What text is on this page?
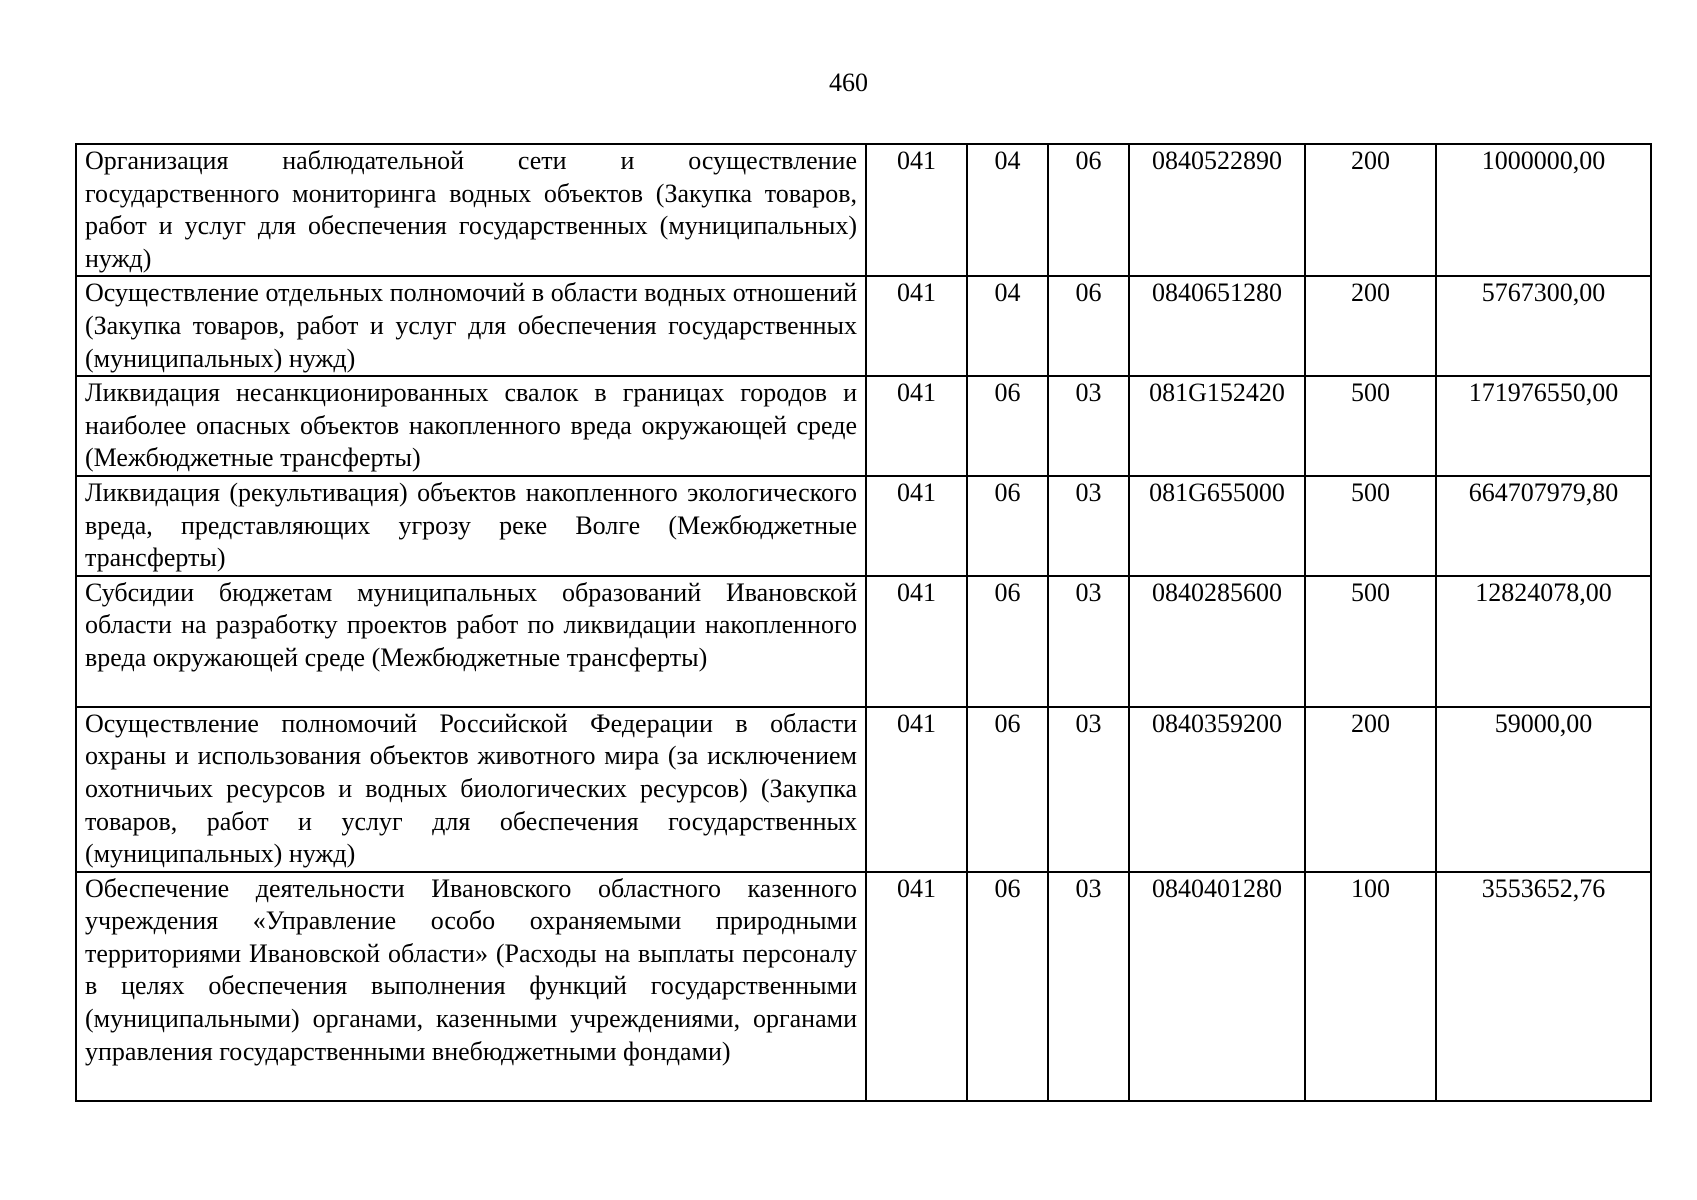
460
Организация наблюдательной сети и осуществление государственного мониторинга водных объектов (Закупка товаров, работ и услуг для обеспечения государственных (муниципальных) нужд)	041	04	06	0840522890	200	1000000,00
Осуществление отдельных полномочий в области водных отношений (Закупка товаров, работ и услуг для обеспечения государственных (муниципальных) нужд)	041	04	06	0840651280	200	5767300,00
Ликвидация несанкционированных свалок в границах городов и наиболее опасных объектов накопленного вреда окружающей среде (Межбюджетные трансферты)	041	06	03	081G152420	500	171976550,00
Ликвидация (рекультивация) объектов накопленного экологического вреда, представляющих угрозу реке Волге (Межбюджетные трансферты)	041	06	03	081G655000	500	664707979,80
Субсидии бюджетам муниципальных образований Ивановской области на разработку проектов работ по ликвидации накопленного вреда окружающей среде (Межбюджетные трансферты)	041	06	03	0840285600	500	12824078,00
Осуществление полномочий Российской Федерации в области охраны и использования объектов животного мира (за исключением охотничьих ресурсов и водных биологических ресурсов) (Закупка товаров, работ и услуг для обеспечения государственных (муниципальных) нужд)	041	06	03	0840359200	200	59000,00
Обеспечение деятельности Ивановского областного казенного учреждения «Управление особо охраняемыми природными территориями Ивановской области» (Расходы на выплаты персоналу в целях обеспечения выполнения функций государственными (муниципальными) органами, казенными учреждениями, органами управления государственными внебюджетными фондами)	041	06	03	0840401280	100	3553652,76
